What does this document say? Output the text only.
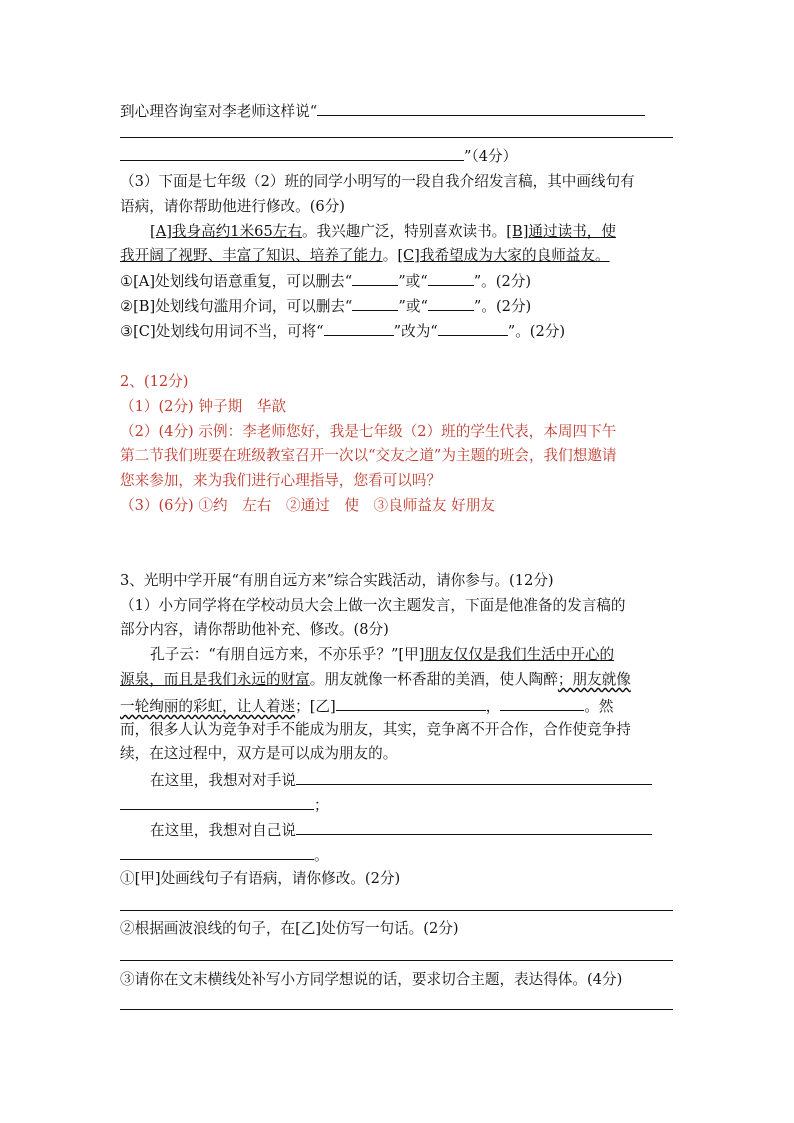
到心理咨询室对李老师这样说“
”（4分）
（3）下面是七年级（2）班的同学小明写的一段自我介绍发言稿，其中画线句有
语病，请你帮助他进行修改。(6分)
[A]我身高约1米65左右。我兴趣广泛，特别喜欢读书。[B]通过读书，使
我开阔了视野、丰富了知识、培养了能力。[C]我希望成为大家的良师益友。
①[A]处划线句语意重复，可以删去“	”或“	”。(2分)
②[B]处划线句滥用介词，可以删去“	”或“	”。(2分)
③[C]处划线句用词不当，可将“	”改为“	”。(2分)
2、(12分)
（1）(2分) 钟子期　华歆
（2）(4分) 示例：李老师您好，我是七年级（2）班的学生代表，本周四下午
第二节我们班要在班级教室召开一次以“交友之道”为主题的班会，我们想邀请
您来参加，来为我们进行心理指导，您看可以吗？
（3）(6分) ①约　左右　②通过　使　③良师益友 好朋友
3、光明中学开展“有朋自远方来”综合实践活动，请你参与。(12分)
（1）小方同学将在学校动员大会上做一次主题发言，下面是他准备的发言稿的
部分内容，请你帮助他补充、修改。(8分)
孔子云：“有朋自远方来，不亦乐乎？”[甲]朋友仅仅是我们生活中开心的
源泉，而且是我们永远的财富。朋友就像一杯香甜的美酒，使人陶醉；朋友就像
一轮绚丽的彩虹，让人着迷；[乙]	，	。然
而，很多人认为竞争对手不能成为朋友，其实，竞争离不开合作，合作使竞争持
续，在这过程中，双方是可以成为朋友的。
在这里，我想对对手说
；
在这里，我想对自己说
。
①[甲]处画线句子有语病，请你修改。(2分)
②根据画波浪线的句子，在[乙]处仿写一句话。(2分)
③请你在文末横线处补写小方同学想说的话，要求切合主题，表达得体。(4分)
